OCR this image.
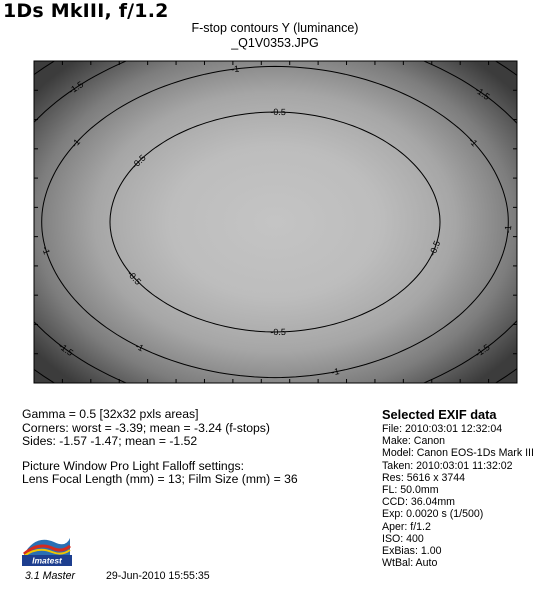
1Ds MkIII, f/1.2
F-stop contours Y (luminance)
_Q1V0353.JPG
-0.5
-0.5
-0.5
-0.5
-0.5
-1
-1
-1
-1
-1
-1
-1
-1.5	-1.5
-1.5	-1.5
Gamma = 0.5 [32x32 pxls areas]
Corners: worst = -3.39; mean = -3.24 (f-stops)
Sides: -1.57 -1.47; mean = -1.52
Picture Window Pro Light Falloff settings:
Lens Focal Length (mm) = 13; Film Size (mm) = 36
Selected EXIF data
File: 2010:03:01 12:32:04
Make: Canon
Model: Canon EOS-1Ds Mark III
Taken: 2010:03:01 11:32:02
Res: 5616 x 3744
FL: 50.0mm
CCD: 36.04mm
Exp: 0.0020 s (1/500)
Aper: f/1.2
ISO: 400
ExBias: 1.00
WtBal: Auto
Imatest
3.1 Master	29-Jun-2010 15:55:35
